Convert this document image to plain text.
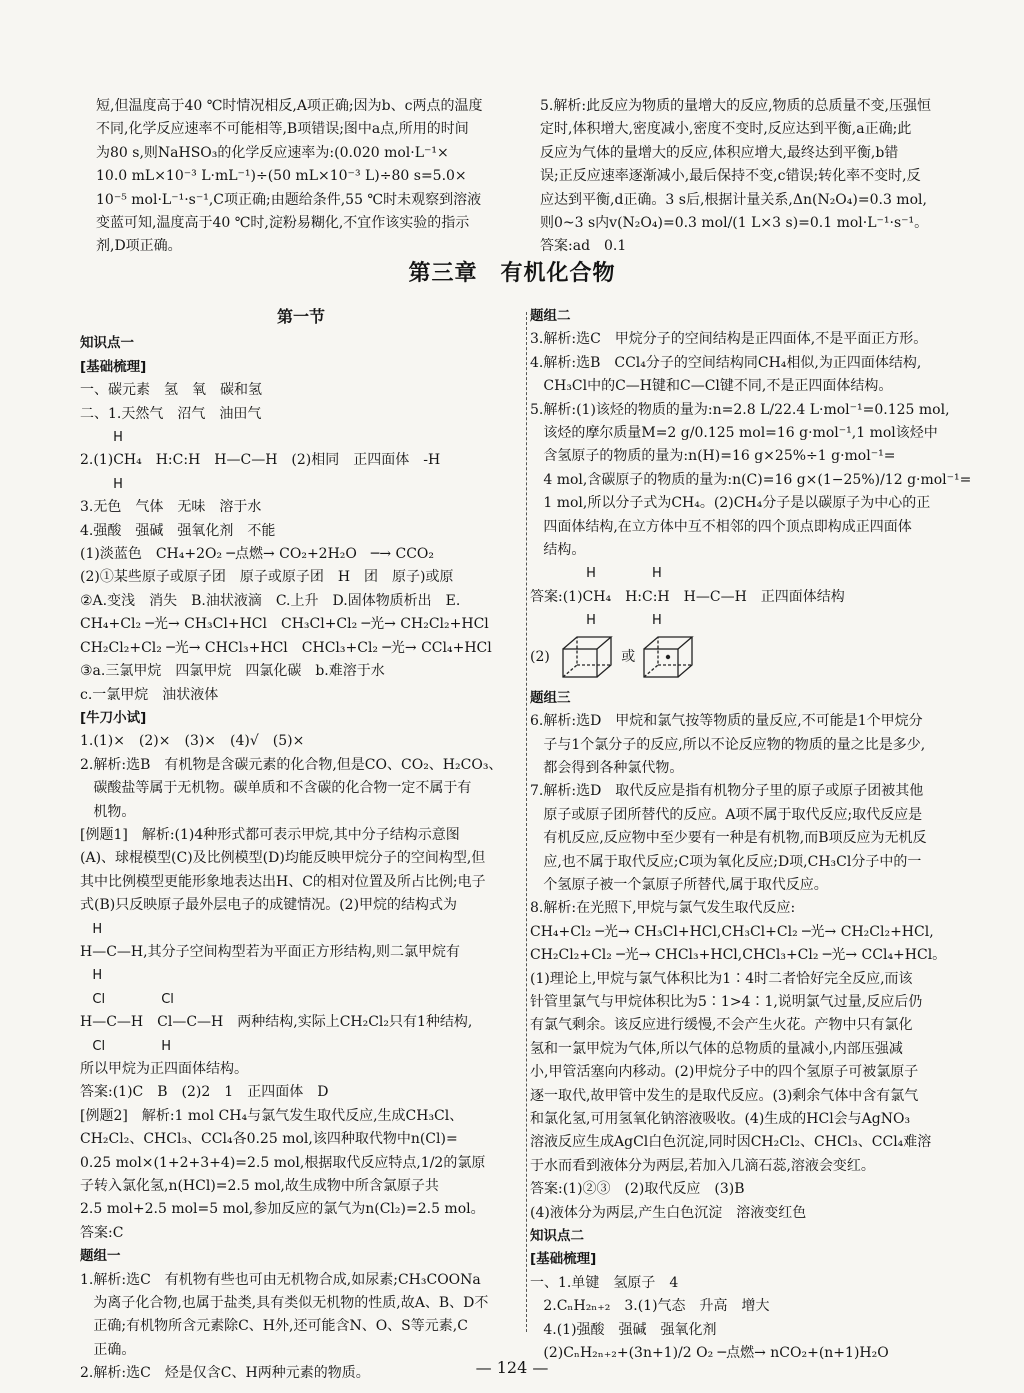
短,但温度高于40 ℃时情况相反,A项正确;因为b、c两点的温度

不同,化学反应速率不可能相等,B项错误;图中a点,所用的时间

为80 s,则NaHSO₃的化学反应速率为:(0.020 mol·L⁻¹×

10.0 mL×10⁻³ L·mL⁻¹)÷(50 mL×10⁻³ L)÷80 s=5.0×

10⁻⁵ mol·L⁻¹·s⁻¹,C项正确;由题给条件,55 ℃时未观察到溶液

变蓝可知,温度高于40 ℃时,淀粉易糊化,不宜作该实验的指示

剂,D项正确。

5.解析:此反应为物质的量增大的反应,物质的总质量不变,压强恒

定时,体积增大,密度减小,密度不变时,反应达到平衡,a正确;此

反应为气体的量增大的反应,体积应增大,最终达到平衡,b错

误;正反应速率逐渐减小,最后保持不变,c错误;转化率不变时,反

应达到平衡,d正确。3 s后,根据计量关系,Δn(N₂O₄)=0.3 mol,

则0~3 s内v(N₂O₄)=0.3 mol/(1 L×3 s)=0.1 mol·L⁻¹·s⁻¹。

答案:ad　0.1

第三章　有机化合物

第一节

知识点一

[基础梳理]

一、碳元素　氢　氧　碳和氢

二、1.天然气　沼气　油田气

H

2.(1)CH₄　H:C:H　H—C—H　(2)相同　正四面体　-H

H

3.无色　气体　无味　溶于水

4.强酸　强碱　强氧化剂　不能

(1)淡蓝色　CH₄+2O₂ ─点燃→ CO₂+2H₂O　─→ CCO₂

(2)①某些原子或原子团　原子或原子团　H　团　原子)或原

②A.变浅　消失　B.油状液滴　C.上升　D.固体物质析出　E.

CH₄+Cl₂ ─光→ CH₃Cl+HCl　CH₃Cl+Cl₂ ─光→ CH₂Cl₂+HCl

CH₂Cl₂+Cl₂ ─光→ CHCl₃+HCl　CHCl₃+Cl₂ ─光→ CCl₄+HCl

③a.三氯甲烷　四氯甲烷　四氯化碳　b.难溶于水

c.一氯甲烷　油状液体

[牛刀小试]

1.(1)×　(2)×　(3)×　(4)√　(5)×

2.解析:选B　有机物是含碳元素的化合物,但是CO、CO₂、H₂CO₃、

碳酸盐等属于无机物。碳单质和不含碳的化合物一定不属于有

机物。

[例题1]　解析:(1)4种形式都可表示甲烷,其中分子结构示意图

(A)、球棍模型(C)及比例模型(D)均能反映甲烷分子的空间构型,但

其中比例模型更能形象地表达出H、C的相对位置及所占比例;电子

式(B)只反映原子最外层电子的成键情况。(2)甲烷的结构式为

H

H—C—H,其分子空间构型若为平面正方形结构,则二氯甲烷有

H

Cl　　　　 Cl

H—C—H　Cl—C—H　两种结构,实际上CH₂Cl₂只有1种结构,

Cl　　　　 H

所以甲烷为正四面体结构。

答案:(1)C　B　(2)2　1　正四面体　D

[例题2]　解析:1 mol CH₄与氯气发生取代反应,生成CH₃Cl、

CH₂Cl₂、CHCl₃、CCl₄各0.25 mol,该四种取代物中n(Cl)=

0.25 mol×(1+2+3+4)=2.5 mol,根据取代反应特点,1/2的氯原

子转入氯化氢,n(HCl)=2.5 mol,故生成物中所含氯原子共

2.5 mol+2.5 mol=5 mol,参加反应的氯气为n(Cl₂)=2.5 mol。

答案:C

题组一

1.解析:选C　有机物有些也可由无机物合成,如尿素;CH₃COONa

为离子化合物,也属于盐类,具有类似无机物的性质,故A、B、D不

正确;有机物所含元素除C、H外,还可能含N、O、S等元素,C

正确。

2.解析:选C　烃是仅含C、H两种元素的物质。

题组二

3.解析:选C　甲烷分子的空间结构是正四面体,不是平面正方形。

4.解析:选B　CCl₄分子的空间结构同CH₄相似,为正四面体结构,

CH₃Cl中的C—H键和C—Cl键不同,不是正四面体结构。

5.解析:(1)该烃的物质的量为:n=2.8 L/22.4 L·mol⁻¹=0.125 mol,

该烃的摩尔质量M=2 g/0.125 mol=16 g·mol⁻¹,1 mol该烃中

含氢原子的物质的量为:n(H)=16 g×25%÷1 g·mol⁻¹=

4 mol,含碳原子的物质的量为:n(C)=16 g×(1−25%)/12 g·mol⁻¹=

1 mol,所以分子式为CH₄。(2)CH₄分子是以碳原子为中心的正

四面体结构,在立方体中互不相邻的四个顶点即构成正四面体

结构。

　　　　 H　　　　 H

答案:(1)CH₄　H:C:H　H—C—H　正四面体结构

　　　　 H　　　　 H

(2)	或

题组三

6.解析:选D　甲烷和氯气按等物质的量反应,不可能是1个甲烷分

子与1个氯分子的反应,所以不论反应物的物质的量之比是多少,

都会得到各种氯代物。

7.解析:选D　取代反应是指有机物分子里的原子或原子团被其他

原子或原子团所替代的反应。A项不属于取代反应;取代反应是

有机反应,反应物中至少要有一种是有机物,而B项反应为无机反

应,也不属于取代反应;C项为氧化反应;D项,CH₃Cl分子中的一

个氢原子被一个氯原子所替代,属于取代反应。

8.解析:在光照下,甲烷与氯气发生取代反应:

CH₄+Cl₂ ─光→ CH₃Cl+HCl,CH₃Cl+Cl₂ ─光→ CH₂Cl₂+HCl,

CH₂Cl₂+Cl₂ ─光→ CHCl₃+HCl,CHCl₃+Cl₂ ─光→ CCl₄+HCl。

(1)理论上,甲烷与氯气体积比为1∶4时二者恰好完全反应,而该

针管里氯气与甲烷体积比为5∶1>4∶1,说明氯气过量,反应后仍

有氯气剩余。该反应进行缓慢,不会产生火花。产物中只有氯化

氢和一氯甲烷为气体,所以气体的总物质的量减小,内部压强减

小,甲管活塞向内移动。(2)甲烷分子中的四个氢原子可被氯原子

逐一取代,故甲管中发生的是取代反应。(3)剩余气体中含有氯气

和氯化氢,可用氢氧化钠溶液吸收。(4)生成的HCl会与AgNO₃

溶液反应生成AgCl白色沉淀,同时因CH₂Cl₂、CHCl₃、CCl₄难溶

于水而看到液体分为两层,若加入几滴石蕊,溶液会变红。

答案:(1)②③　(2)取代反应　(3)B

(4)液体分为两层,产生白色沉淀　溶液变红色

知识点二

[基础梳理]

一、1.单键　氢原子　4

2.CₙH₂ₙ₊₂　3.(1)气态　升高　增大

4.(1)强酸　强碱　强氧化剂

(2)CₙH₂ₙ₊₂+(3n+1)/2 O₂ ─点燃→ nCO₂+(n+1)H₂O

— 124 —
